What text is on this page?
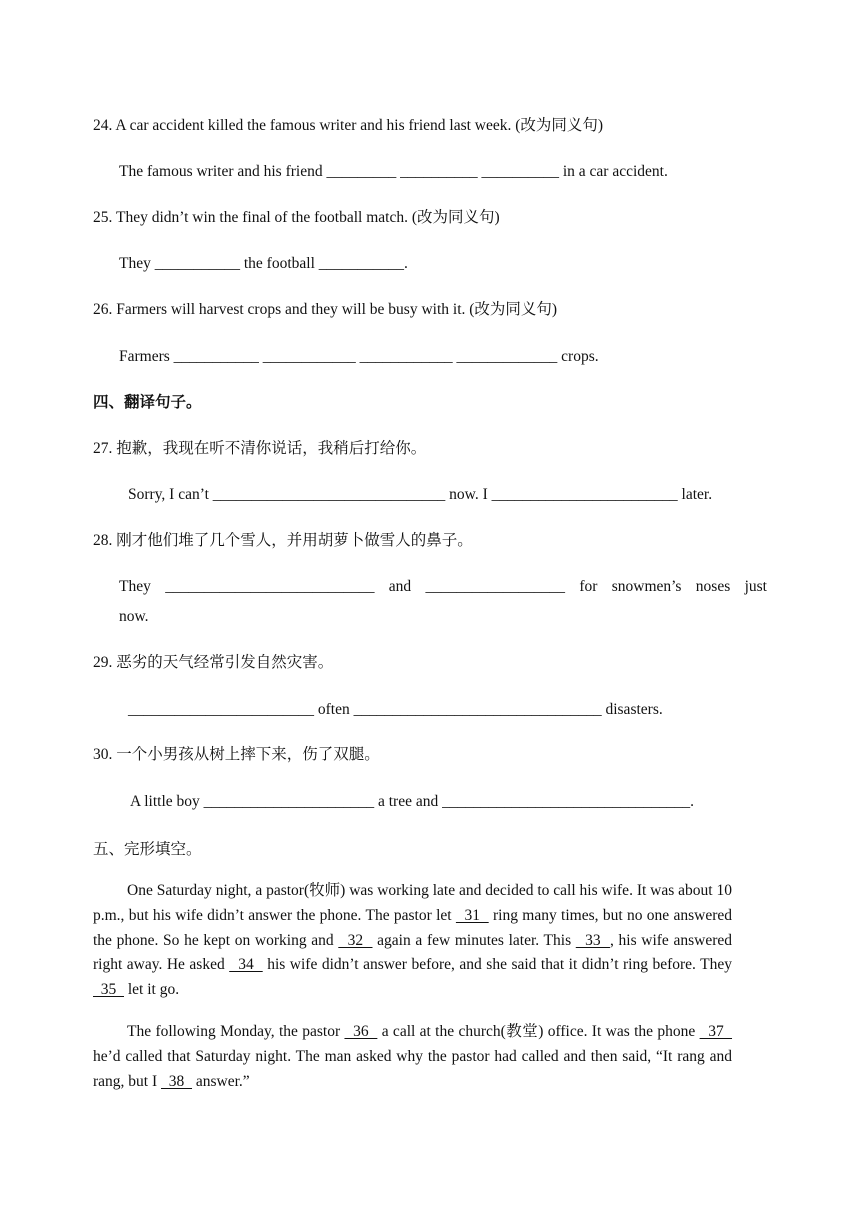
24. A car accident killed the famous writer and his friend last week. (改为同义句)
The famous writer and his friend _________ __________ __________ in a car accident.
25. They didn’t win the final of the football match. (改为同义句)
They ___________ the football ___________.
26. Farmers will harvest crops and they will be busy with it. (改为同义句)
Farmers ___________ ____________ ____________ _____________ crops.
四、翻译句子。
27. 抱歉，我现在听不清你说话，我稍后打给你。
Sorry, I can’t ______________________________ now. I ________________________ later.
28. 刚才他们堆了几个雪人，并用胡萝卜做雪人的鼻子。
They ___________________________ and __________________ for snowmen’s noses just
now.
29. 恶劣的天气经常引发自然灾害。
________________________ often ________________________________ disasters.
30. 一个小男孩从树上摔下来，伤了双腿。
A little boy ______________________ a tree and ________________________________.
五、完形填空。
One Saturday night, a pastor(牧师) was working late and decided to call his wife. It was about 10 p.m., but his wife didn’t answer the phone. The pastor let   31   ring many times, but no one answered the phone. So he kept on working and   32   again a few minutes later. This   33  , his wife answered right away. He asked   34   his wife didn’t answer before, and she said that it didn’t ring before. They   35   let it go.
The following Monday, the pastor   36   a call at the church(教堂) office. It was the phone   37   he’d called that Saturday night. The man asked why the pastor had called and then said, “It rang and rang, but I   38   answer.”
